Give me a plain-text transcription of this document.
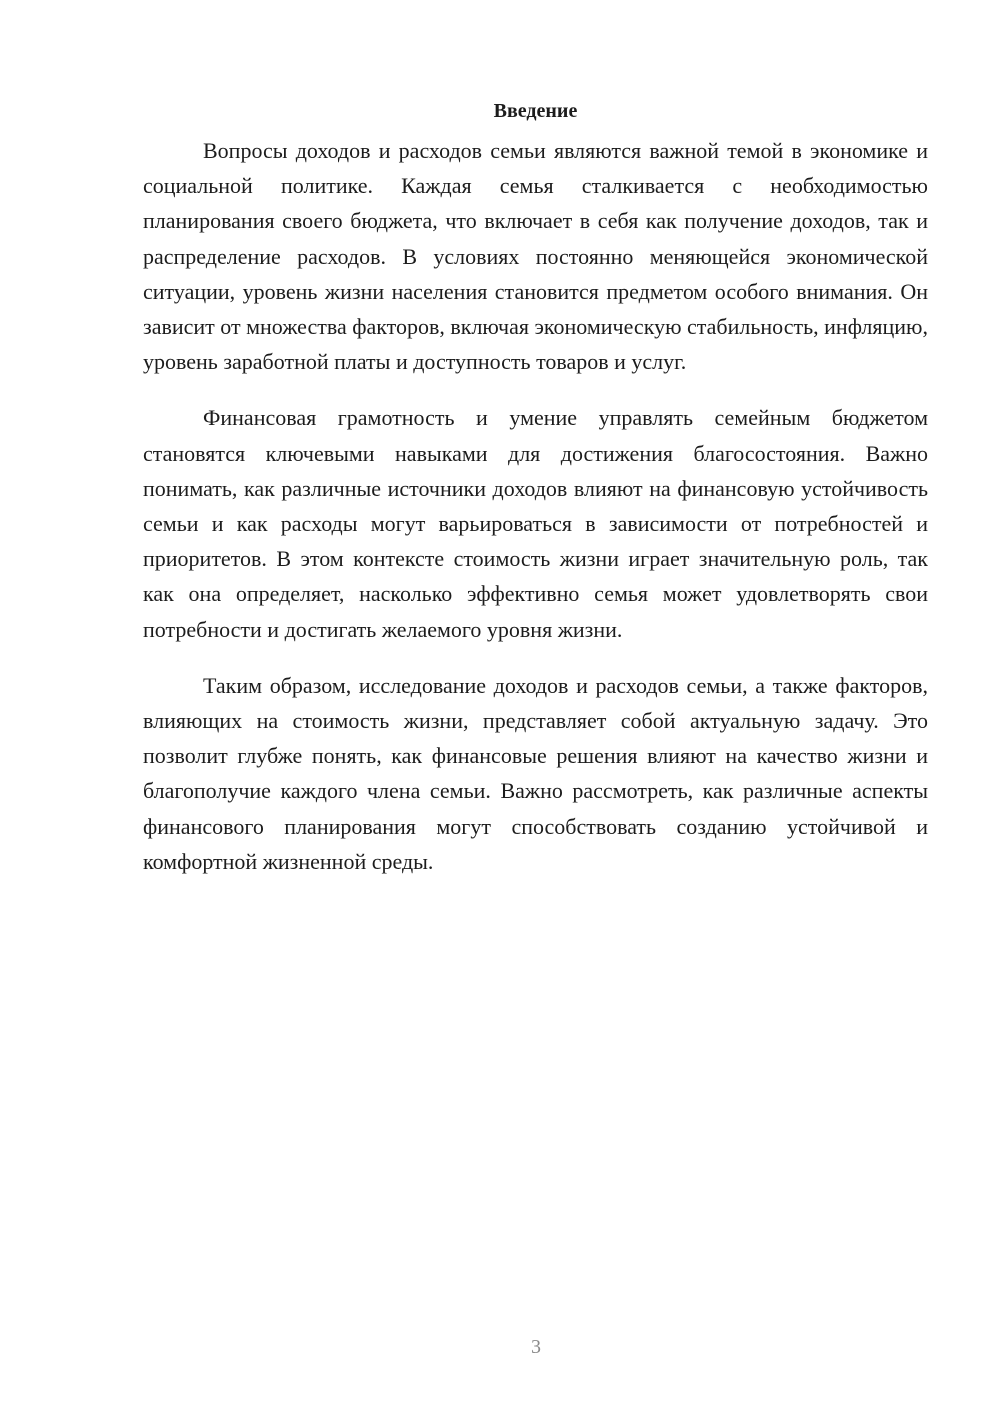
Введение

Вопросы доходов и расходов семьи являются важной темой в экономике и социальной политике. Каждая семья сталкивается с необходимостью планирования своего бюджета, что включает в себя как получение доходов, так и распределение расходов. В условиях постоянно меняющейся экономической ситуации, уровень жизни населения становится предметом особого внимания. Он зависит от множества факторов, включая экономическую стабильность, инфляцию, уровень заработной платы и доступность товаров и услуг.

Финансовая грамотность и умение управлять семейным бюджетом становятся ключевыми навыками для достижения благосостояния. Важно понимать, как различные источники доходов влияют на финансовую устойчивость семьи и как расходы могут варьироваться в зависимости от потребностей и приоритетов. В этом контексте стоимость жизни играет значительную роль, так как она определяет, насколько эффективно семья может удовлетворять свои потребности и достигать желаемого уровня жизни.

Таким образом, исследование доходов и расходов семьи, а также факторов, влияющих на стоимость жизни, представляет собой актуальную задачу. Это позволит глубже понять, как финансовые решения влияют на качество жизни и благополучие каждого члена семьи. Важно рассмотреть, как различные аспекты финансового планирования могут способствовать созданию устойчивой и комфортной жизненной среды.

3
